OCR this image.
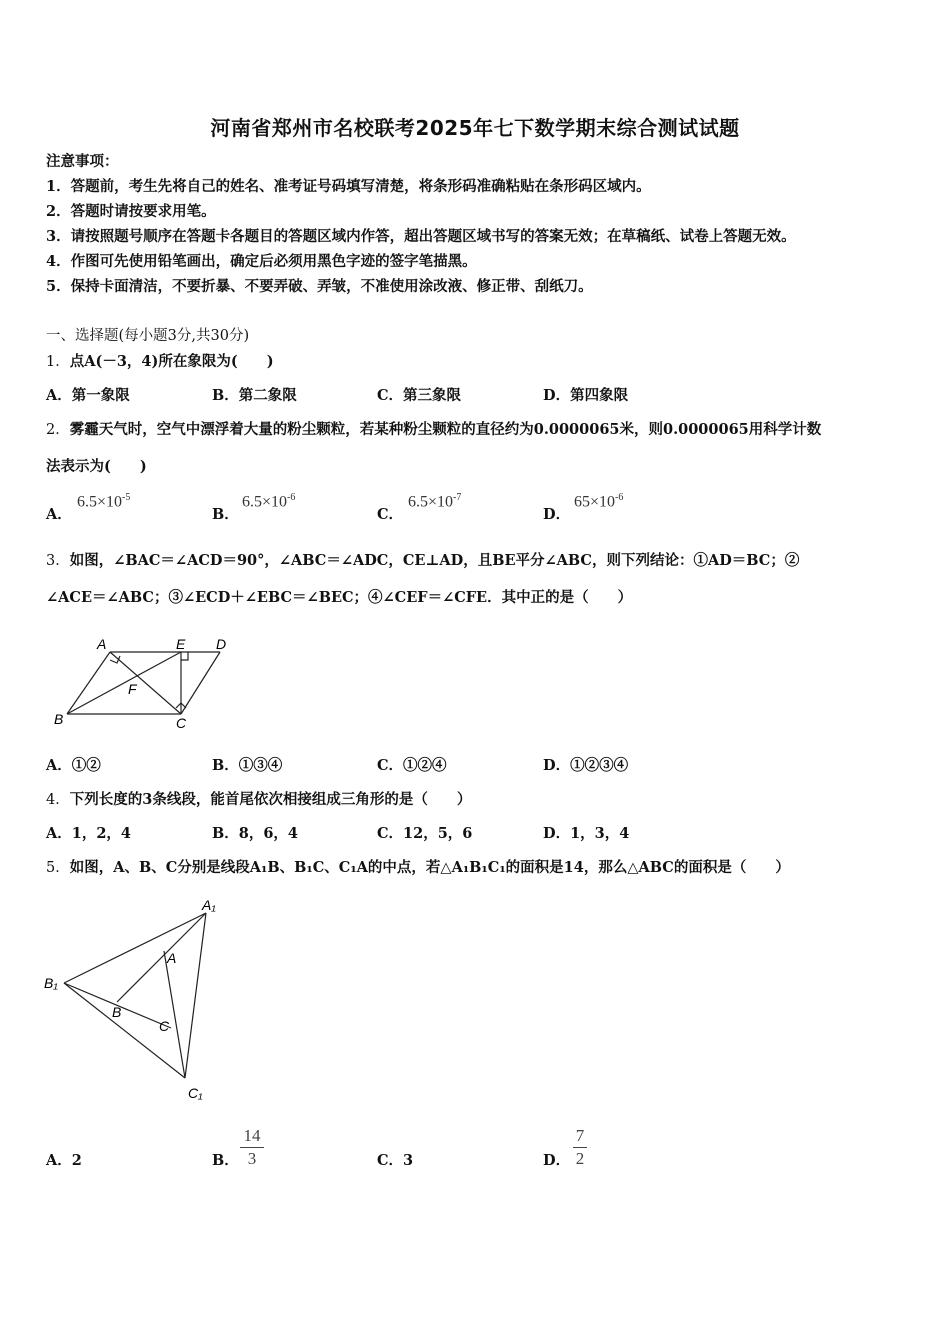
河南省郑州市名校联考2025年七下数学期末综合测试试题
注意事项：
1．答题前，考生先将自己的姓名、准考证号码填写清楚，将条形码准确粘贴在条形码区域内。
2．答题时请按要求用笔。
3．请按照题号顺序在答题卡各题目的答题区域内作答，超出答题区域书写的答案无效；在草稿纸、试卷上答题无效。
4．作图可先使用铅笔画出，确定后必须用黑色字迹的签字笔描黑。
5．保持卡面清洁，不要折暴、不要弄破、弄皱，不准使用涂改液、修正带、刮纸刀。
一、选择题(每小题3分,共30分)
1．点A(－3，4)所在象限为(　　)
A．第一象限	B．第二象限	C．第三象限	D．第四象限
2．雾霾天气时，空气中漂浮着大量的粉尘颗粒，若某种粉尘颗粒的直径约为0.0000065米，则0.0000065用科学计数
法表示为(　　)
A．
$6.5\times 10^{-5}$
B．
$6.5\times 10^{-6}$
C．
$6.5\times 10^{-7}$
D．
$65\times 10^{-6}$
3．如图，∠BAC＝∠ACD＝90°，∠ABC＝∠ADC，CE⊥AD，且BE平分∠ABC，则下列结论：①AD＝BC；②
∠ACE＝∠ABC；③∠ECD＋∠EBC＝∠BEC；④∠CEF＝∠CFE．其中正的是（　　）
A	E D
F
B	C
A．①②	B．①③④	C．①②④	D．①②③④
4．下列长度的3条线段，能首尾依次相接组成三角形的是（　　）
A．1，2，4	B．8，6，4	C．12，5，6	D．1，3，4
5．如图，A、B、C分别是线段A₁B、B₁C、C₁A的中点，若△A₁B₁C₁的面积是14，那么△ABC的面积是（　　）
A₁
B₁
C₁
A
B
C
A．2	B．
14
3	C．3	D．
7
2
